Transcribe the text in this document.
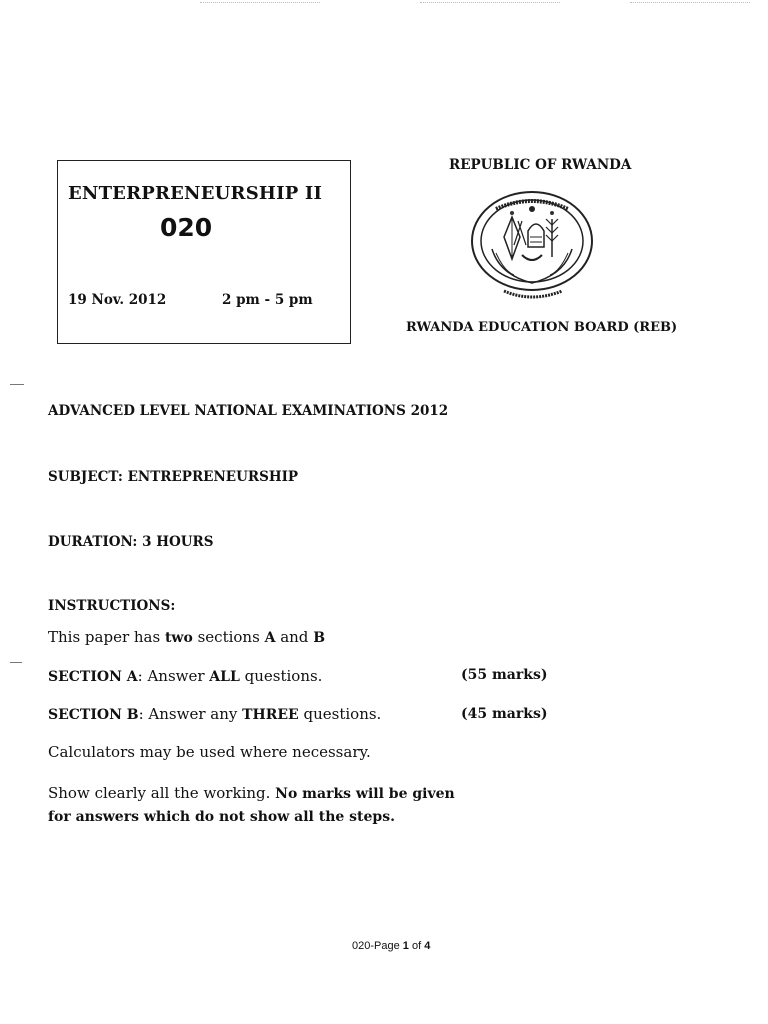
ENTERPRENEURSHIP II
020
19 Nov. 2012	2 pm - 5 pm
REPUBLIC OF RWANDA
RWANDA EDUCATION BOARD (REB)
ADVANCED LEVEL NATIONAL EXAMINATIONS 2012
SUBJECT: ENTREPRENEURSHIP
DURATION: 3 HOURS
INSTRUCTIONS:
This paper has two sections A and B
SECTION A: Answer ALL questions.	(55 marks)
SECTION B: Answer any THREE questions.	(45 marks)
Calculators may be used where necessary.
Show clearly all the working. No marks will be given
for answers which do not show all the steps.
020-Page 1 of 4
